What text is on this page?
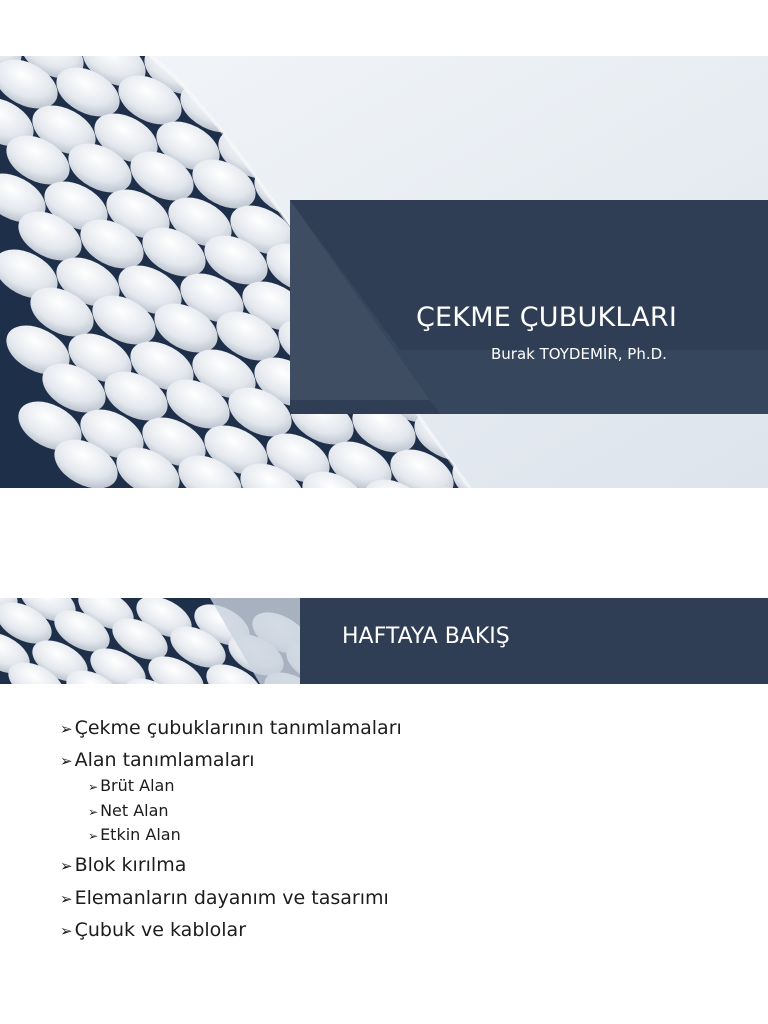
ÇEKME ÇUBUKLARI
Burak TOYDEMİR, Ph.D.
HAFTAYA BAKIŞ
➢ Çekme çubuklarının tanımlamaları
➢ Alan tanımlamaları
➢ Brüt Alan
➢ Net Alan
➢ Etkin Alan
➢ Blok kırılma
➢ Elemanların dayanım ve tasarımı
➢ Çubuk ve kablolar
